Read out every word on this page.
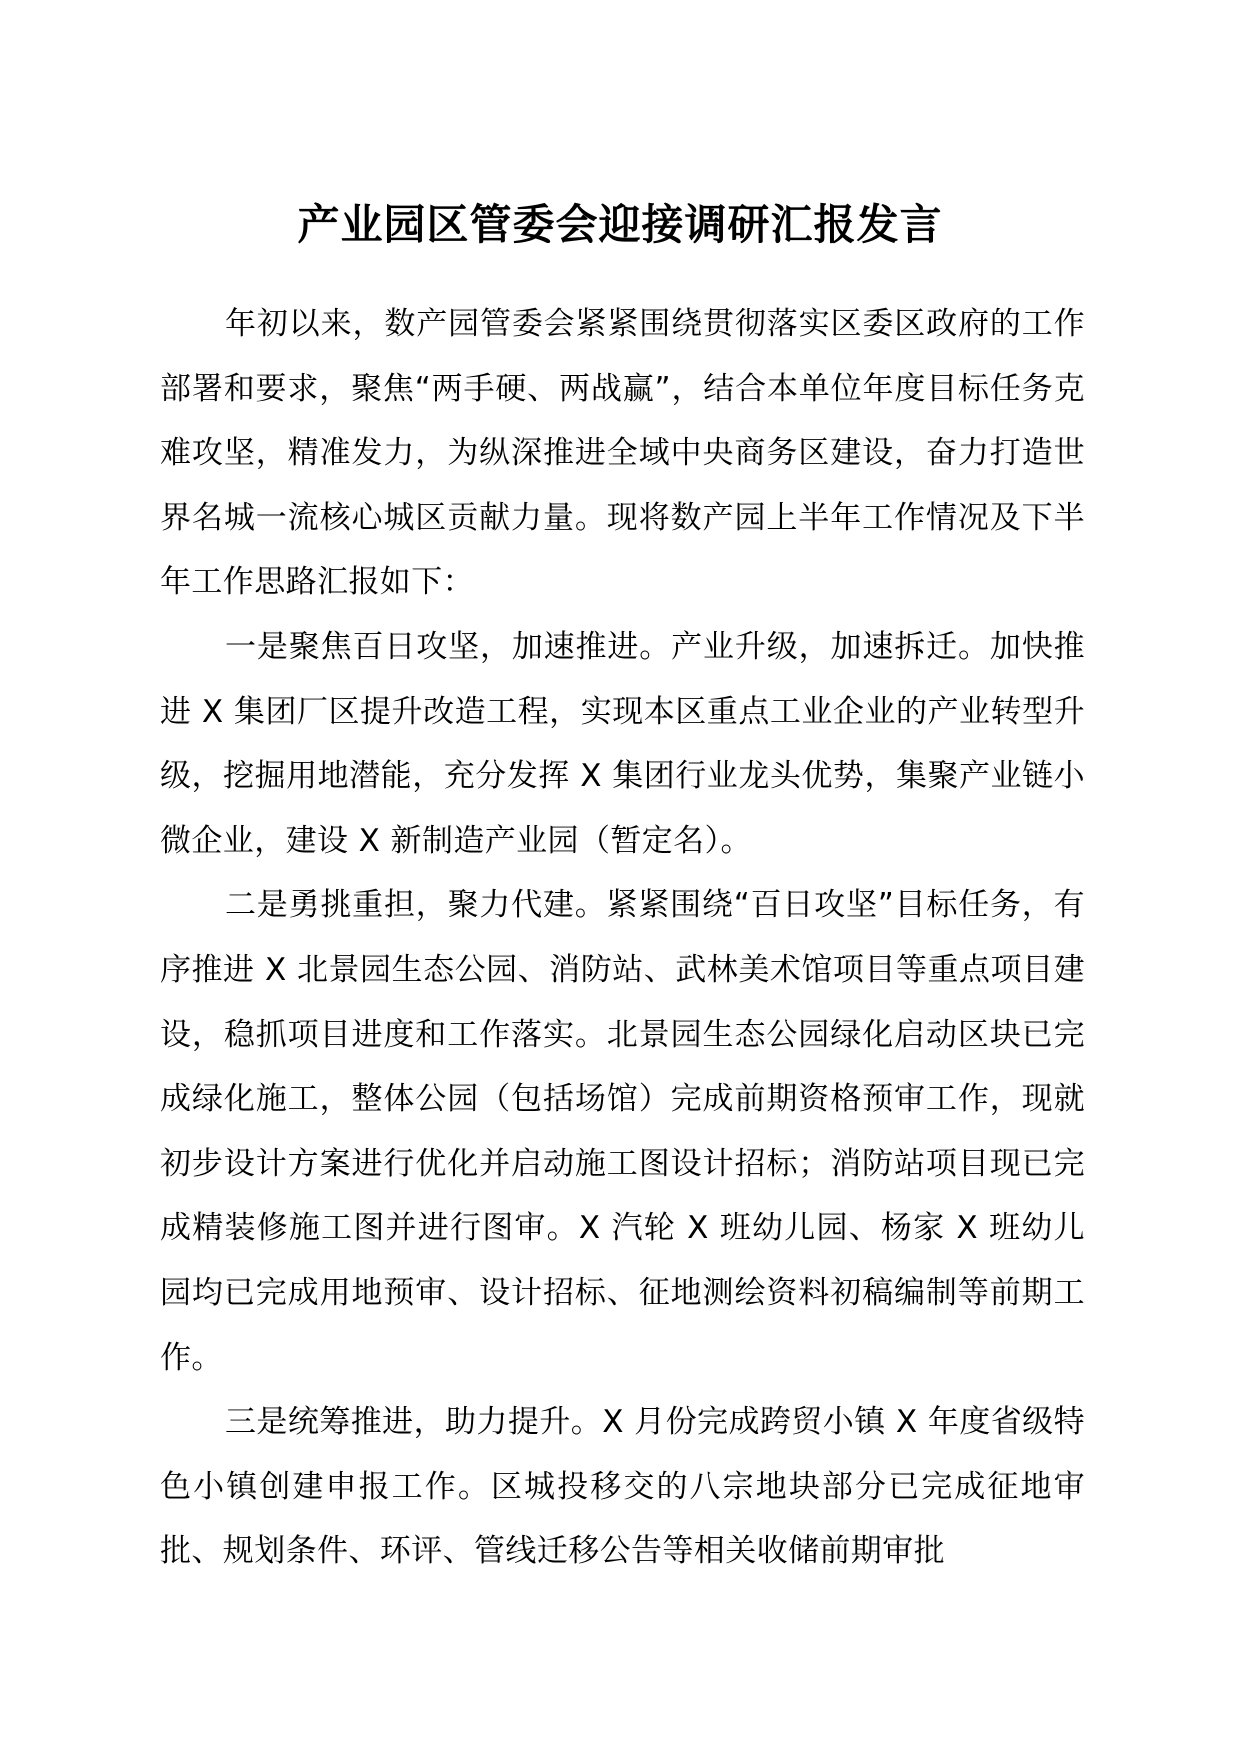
产业园区管委会迎接调研汇报发言

年初以来，数产园管委会紧紧围绕贯彻落实区委区政府的工作部署和要求，聚焦“两手硬、两战赢”，结合本单位年度目标任务克难攻坚，精准发力，为纵深推进全域中央商务区建设，奋力打造世界名城一流核心城区贡献力量。现将数产园上半年工作情况及下半年工作思路汇报如下：

一是聚焦百日攻坚，加速推进。产业升级，加速拆迁。加快推进 X 集团厂区提升改造工程，实现本区重点工业企业的产业转型升级，挖掘用地潜能，充分发挥 X 集团行业龙头优势，集聚产业链小微企业，建设 X 新制造产业园（暂定名）。

二是勇挑重担，聚力代建。紧紧围绕“百日攻坚”目标任务，有序推进 X 北景园生态公园、消防站、武林美术馆项目等重点项目建设，稳抓项目进度和工作落实。北景园生态公园绿化启动区块已完成绿化施工，整体公园（包括场馆）完成前期资格预审工作，现就初步设计方案进行优化并启动施工图设计招标；消防站项目现已完成精装修施工图并进行图审。X 汽轮 X 班幼儿园、杨家 X 班幼儿园均已完成用地预审、设计招标、征地测绘资料初稿编制等前期工作。

三是统筹推进，助力提升。X 月份完成跨贸小镇 X 年度省级特色小镇创建申报工作。区城投移交的八宗地块部分已完成征地审批、规划条件、环评、管线迁移公告等相关收储前期审批
